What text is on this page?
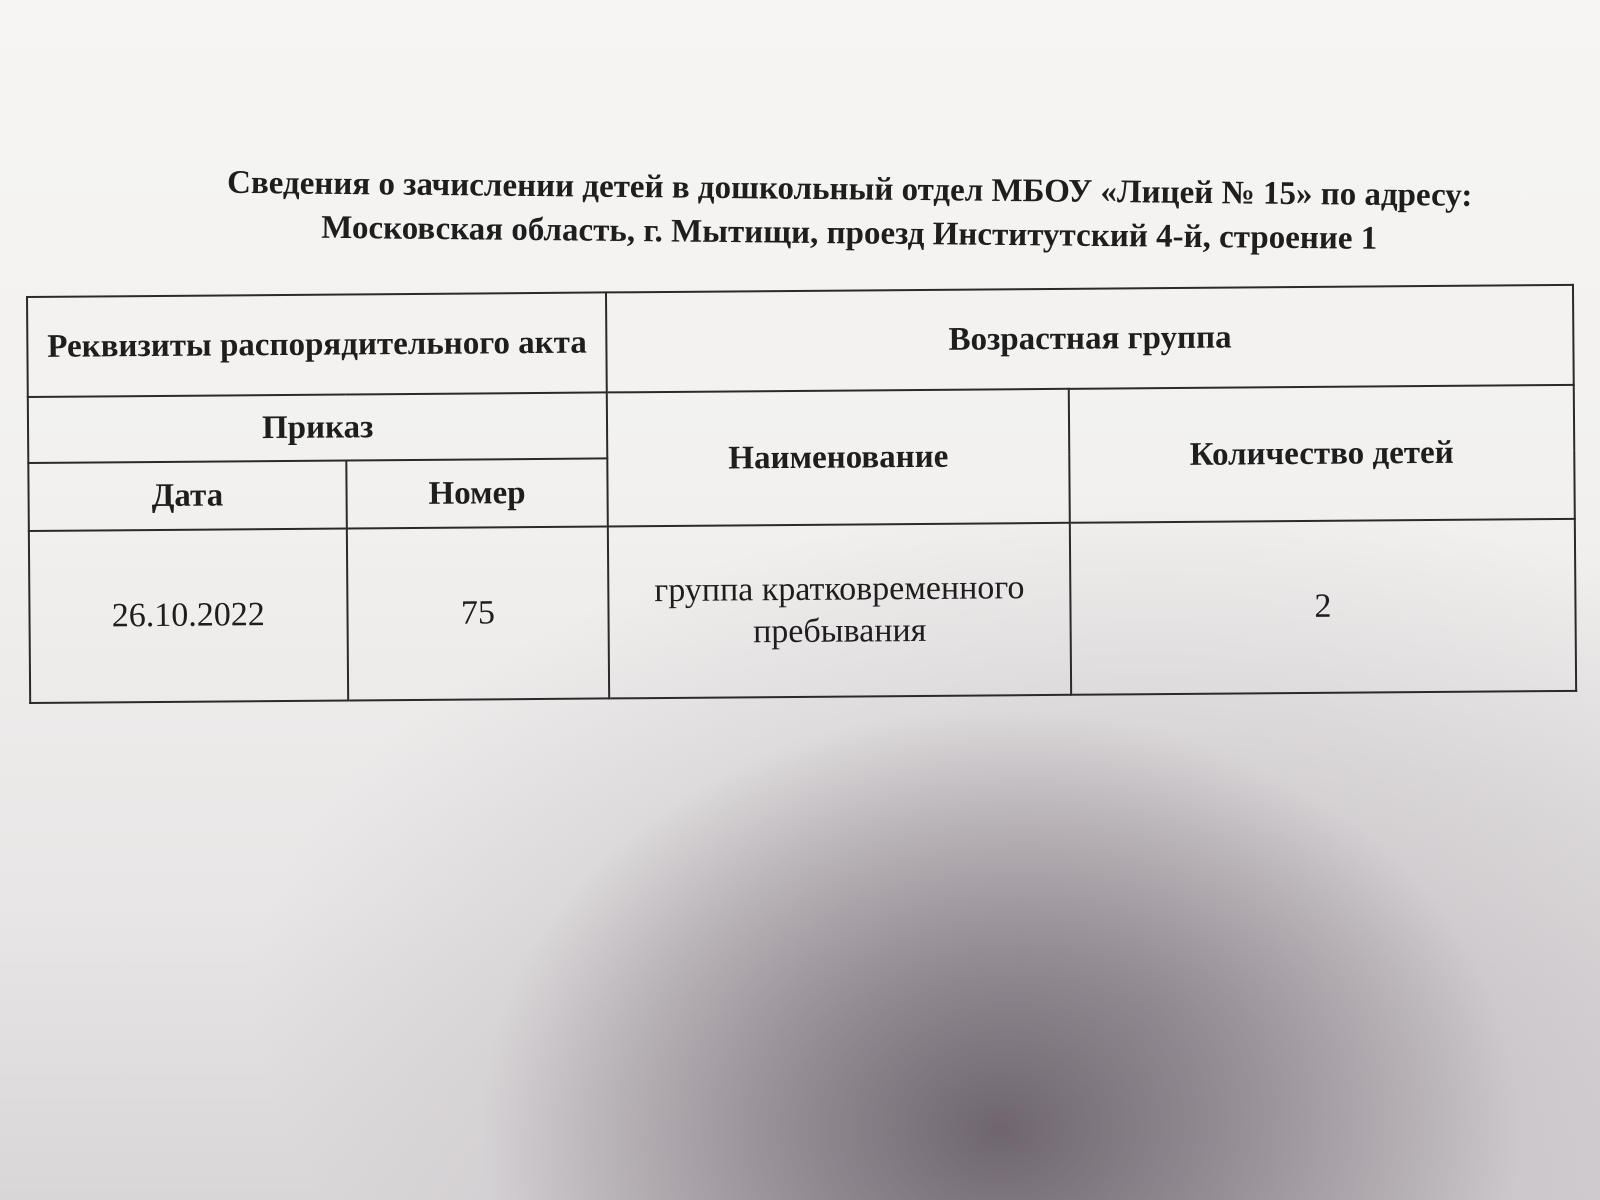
Сведения о зачислении детей в дошкольный отдел МБОУ «Лицей № 15» по адресу:
Московская область, г. Мытищи, проезд Институтский 4-й, строение 1
Реквизиты распорядительного акта		Возрастная группа	
Приказ		Наименование	Количество детей
Дата	Номер		
26.10.2022	75	группа кратковременного пребывания	2
